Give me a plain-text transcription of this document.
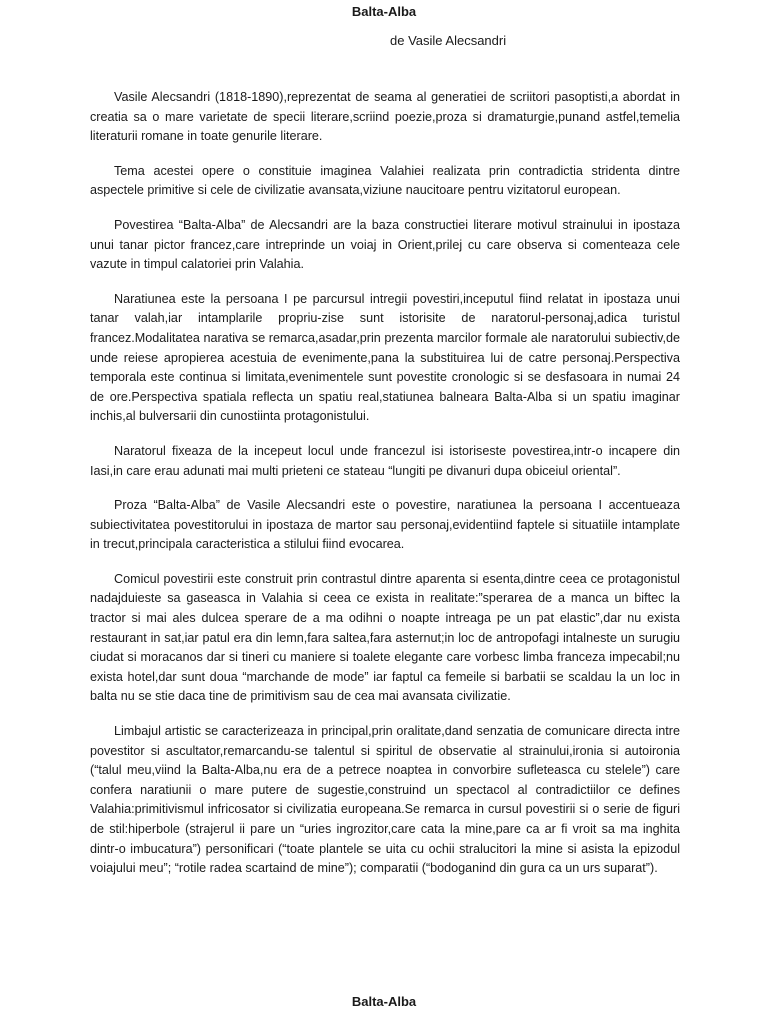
Balta-Alba
de Vasile Alecsandri

Vasile Alecsandri (1818-1890),reprezentat de seama al generatiei de scriitori pasoptisti,a abordat in creatia sa o mare varietate de specii literare,scriind poezie,proza si dramaturgie,punand astfel,temelia literaturii romane in toate genurile literare.

Tema acestei opere o constituie imaginea Valahiei realizata prin contradictia stridenta dintre aspectele primitive si cele de civilizatie avansata,viziune naucitoare pentru vizitatorul european.

Povestirea “Balta-Alba” de Alecsandri are la baza constructiei literare motivul strainului in ipostaza unui tanar pictor francez,care intreprinde un voiaj in Orient,prilej cu care observa si comenteaza cele vazute in timpul calatoriei prin Valahia.

Naratiunea este la persoana I pe parcursul intregii povestiri,inceputul fiind relatat in ipostaza unui tanar valah,iar intamplarile propriu-zise sunt istorisite de naratorul-personaj,adica turistul francez.Modalitatea narativa se remarca,asadar,prin prezenta marcilor formale ale naratorului subiectiv,de unde reiese apropierea acestuia de evenimente,pana la substituirea lui de catre personaj.Perspectiva temporala este continua si limitata,evenimentele sunt povestite cronologic si se desfasoara in numai 24 de ore.Perspectiva spatiala reflecta un spatiu real,statiunea balneara Balta-Alba si un spatiu imaginar inchis,al bulversarii din cunostiinta protagonistului.

Naratorul fixeaza de la incepeut locul unde francezul isi istoriseste povestirea,intr-o incapere din Iasi,in care erau adunati mai multi prieteni ce stateau “lungiti pe divanuri dupa obiceiul oriental”.

Proza “Balta-Alba” de Vasile Alecsandri este o povestire, naratiunea la persoana I accentueaza subiectivitatea povestitorului in ipostaza de martor sau personaj,evidentiind faptele si situatiile intamplate in trecut,principala caracteristica a stilului fiind evocarea.

Comicul povestirii este construit prin contrastul dintre aparenta si esenta,dintre ceea ce protagonistul nadajduieste sa gaseasca in Valahia si ceea ce exista in realitate:”sperarea de a manca un biftec la tractor si mai ales dulcea sperare de a ma odihni o noapte intreaga pe un pat elastic”,dar nu exista restaurant in sat,iar patul era din lemn,fara saltea,fara asternut;in loc de antropofagi intalneste un surugiu ciudat si moracanos dar si tineri cu maniere si toalete elegante care vorbesc limba franceza impecabil;nu exista hotel,dar sunt doua “marchande de mode” iar faptul ca femeile si barbatii se scaldau la un loc in balta nu se stie daca tine de primitivism sau de cea mai avansata civilizatie.

Limbajul artistic se caracterizeaza in principal,prin oralitate,dand senzatia de comunicare directa intre povestitor si ascultator,remarcandu-se talentul si spiritul de observatie al strainului,ironia si autoironia (“talul meu,viind la Balta-Alba,nu era de a petrece noaptea in convorbire sufleteasca cu stelele”) care confera naratiunii o mare putere de sugestie,construind un spectacol al contradictiilor ce defines Valahia:primitivismul infricosator si civilizatia europeana.Se remarca in cursul povestirii si o serie de figuri de stil:hiperbole (strajerul ii pare un “uries ingrozitor,care cata la mine,pare ca ar fi vroit sa ma inghita dintr-o imbucatura”) personificari (“toate plantele se uita cu ochii stralucitori la mine si asista la epizodul voiajului meu”; “rotile radea scartaind de mine”); comparatii (“bodoganind din gura ca un urs suparat”).

Balta-Alba
